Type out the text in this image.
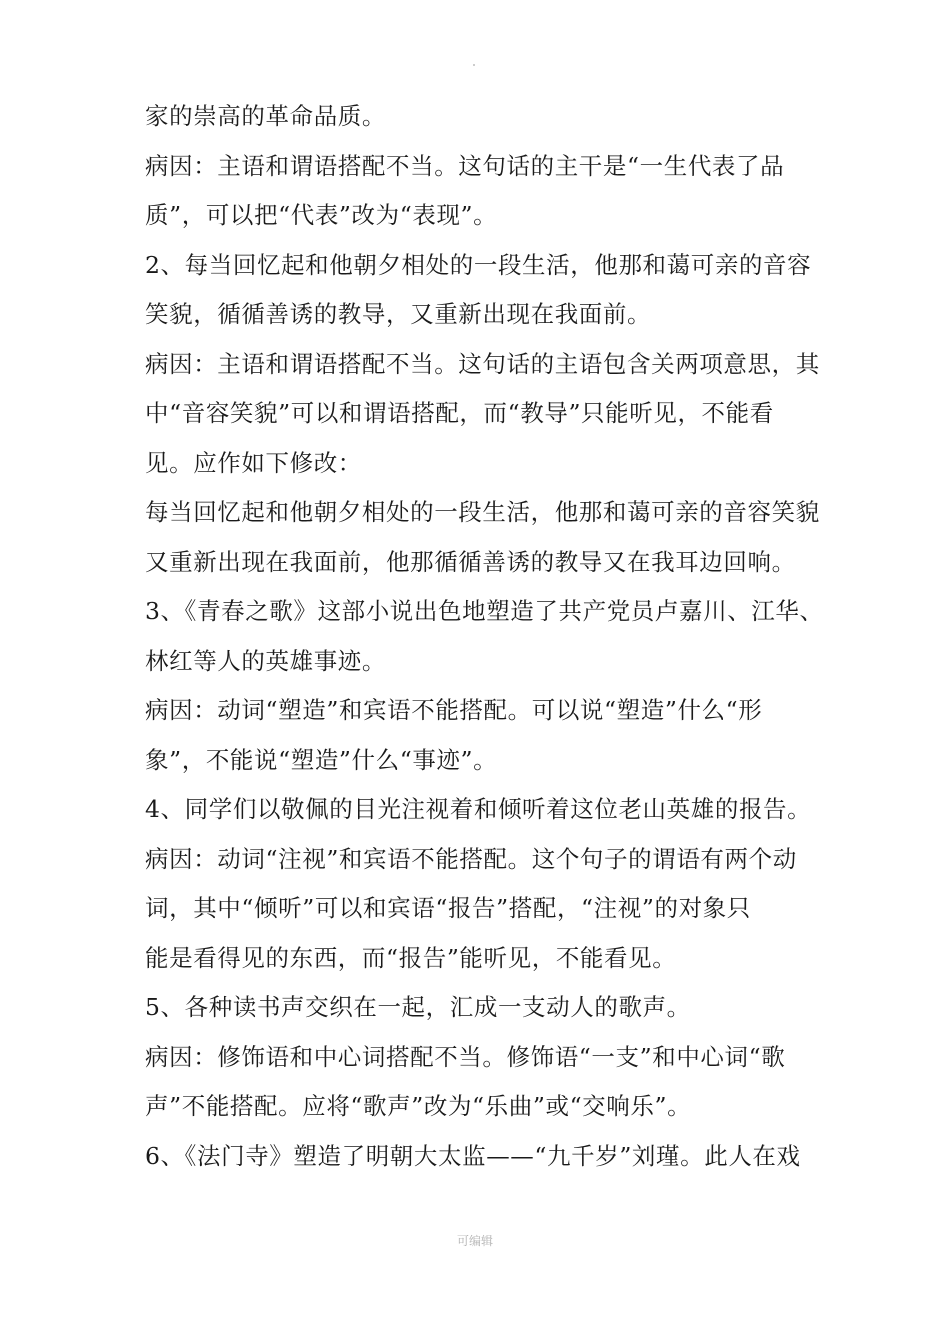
家的崇高的革命品质。
病因：主语和谓语搭配不当。这句话的主干是“一生代表了品
质”，可以把“代表”改为“表现”。
2、每当回忆起和他朝夕相处的一段生活，他那和蔼可亲的音容
笑貌，循循善诱的教导，又重新出现在我面前。
病因：主语和谓语搭配不当。这句话的主语包含关两项意思，其
中“音容笑貌”可以和谓语搭配，而“教导”只能听见，不能看
见。应作如下修改：
每当回忆起和他朝夕相处的一段生活，他那和蔼可亲的音容笑貌
又重新出现在我面前，他那循循善诱的教导又在我耳边回响。
3、《青春之歌》这部小说出色地塑造了共产党员卢嘉川、江华、
林红等人的英雄事迹。
病因：动词“塑造”和宾语不能搭配。可以说“塑造”什么“形
象”，不能说“塑造”什么“事迹”。
4、同学们以敬佩的目光注视着和倾听着这位老山英雄的报告。
病因：动词“注视”和宾语不能搭配。这个句子的谓语有两个动
词，其中“倾听”可以和宾语“报告”搭配，“注视”的对象只
能是看得见的东西，而“报告”能听见，不能看见。
5、各种读书声交织在一起，汇成一支动人的歌声。
病因：修饰语和中心词搭配不当。修饰语“一支”和中心词“歌
声”不能搭配。应将“歌声”改为“乐曲”或“交响乐”。
6、《法门寺》塑造了明朝大太监——“九千岁”刘瑾。此人在戏
可编辑
